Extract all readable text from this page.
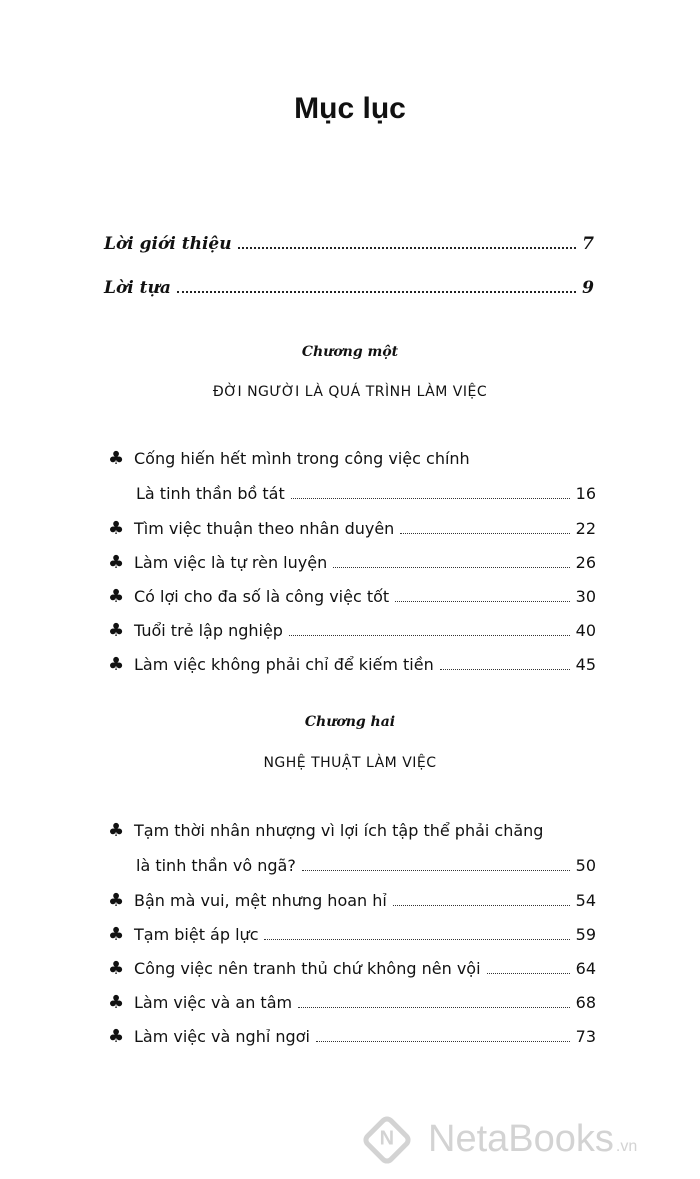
Mục lục
Lời giới thiệu	7
Lời tựa	9
Chương một
ĐỜI NGƯỜI LÀ QUÁ TRÌNH LÀM VIỆC
♣ Cống hiến hết mình trong công việc chính
Là tinh thần bồ tát	16
♣ Tìm việc thuận theo nhân duyên	22
♣ Làm việc là tự rèn luyện	26
♣ Có lợi cho đa số là công việc tốt	30
♣ Tuổi trẻ lập nghiệp	40
♣ Làm việc không phải chỉ để kiếm tiền	45
Chương hai
NGHỆ THUẬT LÀM VIỆC
♣ Tạm thời nhân nhượng vì lợi ích tập thể phải chăng
là tinh thần vô ngã?	50
♣ Bận mà vui, mệt nhưng hoan hỉ	54
♣ Tạm biệt áp lực	59
♣ Công việc nên tranh thủ chứ không nên vội	64
♣ Làm việc và an tâm	68
♣ Làm việc và nghỉ ngơi	73
N NetaBooks .vn
